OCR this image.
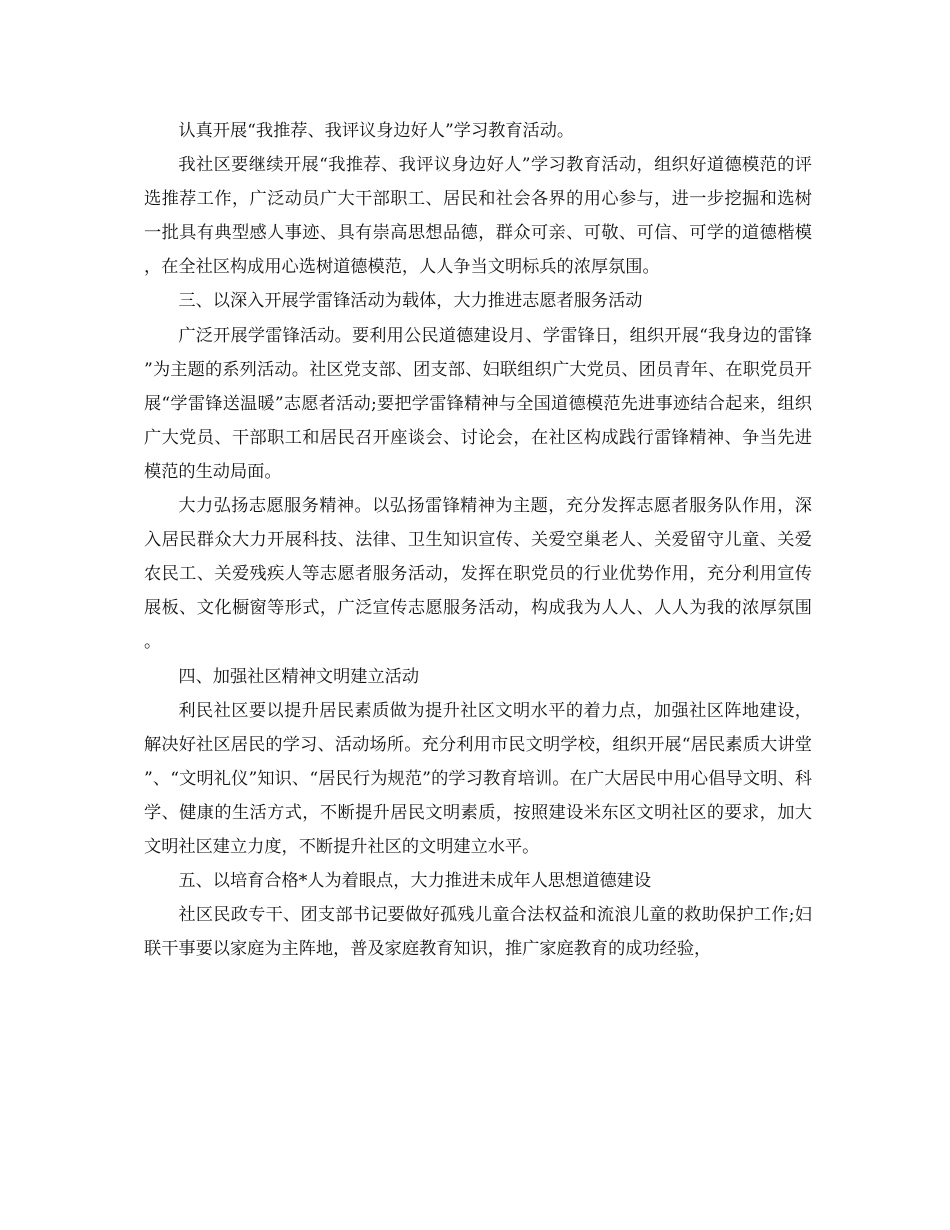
认真开展“我推荐、我评议身边好人”学习教育活动。

我社区要继续开展“我推荐、我评议身边好人”学习教育活动，组织好道德模范的评选推荐工作，广泛动员广大干部职工、居民和社会各界的用心参与，进一步挖掘和选树一批具有典型感人事迹、具有崇高思想品德，群众可亲、可敬、可信、可学的道德楷模，在全社区构成用心选树道德模范，人人争当文明标兵的浓厚氛围。

三、以深入开展学雷锋活动为载体，大力推进志愿者服务活动

广泛开展学雷锋活动。要利用公民道德建设月、学雷锋日，组织开展“我身边的雷锋”为主题的系列活动。社区党支部、团支部、妇联组织广大党员、团员青年、在职党员开展“学雷锋送温暖”志愿者活动;要把学雷锋精神与全国道德模范先进事迹结合起来，组织广大党员、干部职工和居民召开座谈会、讨论会，在社区构成践行雷锋精神、争当先进模范的生动局面。

大力弘扬志愿服务精神。以弘扬雷锋精神为主题，充分发挥志愿者服务队作用，深入居民群众大力开展科技、法律、卫生知识宣传、关爱空巢老人、关爱留守儿童、关爱农民工、关爱残疾人等志愿者服务活动，发挥在职党员的行业优势作用，充分利用宣传展板、文化橱窗等形式，广泛宣传志愿服务活动，构成我为人人、人人为我的浓厚氛围。

四、加强社区精神文明建立活动

利民社区要以提升居民素质做为提升社区文明水平的着力点，加强社区阵地建设，解决好社区居民的学习、活动场所。充分利用市民文明学校，组织开展“居民素质大讲堂”、“文明礼仪”知识、“居民行为规范”的学习教育培训。在广大居民中用心倡导文明、科学、健康的生活方式，不断提升居民文明素质，按照建设米东区文明社区的要求，加大文明社区建立力度，不断提升社区的文明建立水平。

五、以培育合格*人为着眼点，大力推进未成年人思想道德建设

社区民政专干、团支部书记要做好孤残儿童合法权益和流浪儿童的救助保护工作;妇联干事要以家庭为主阵地，普及家庭教育知识，推广家庭教育的成功经验，
